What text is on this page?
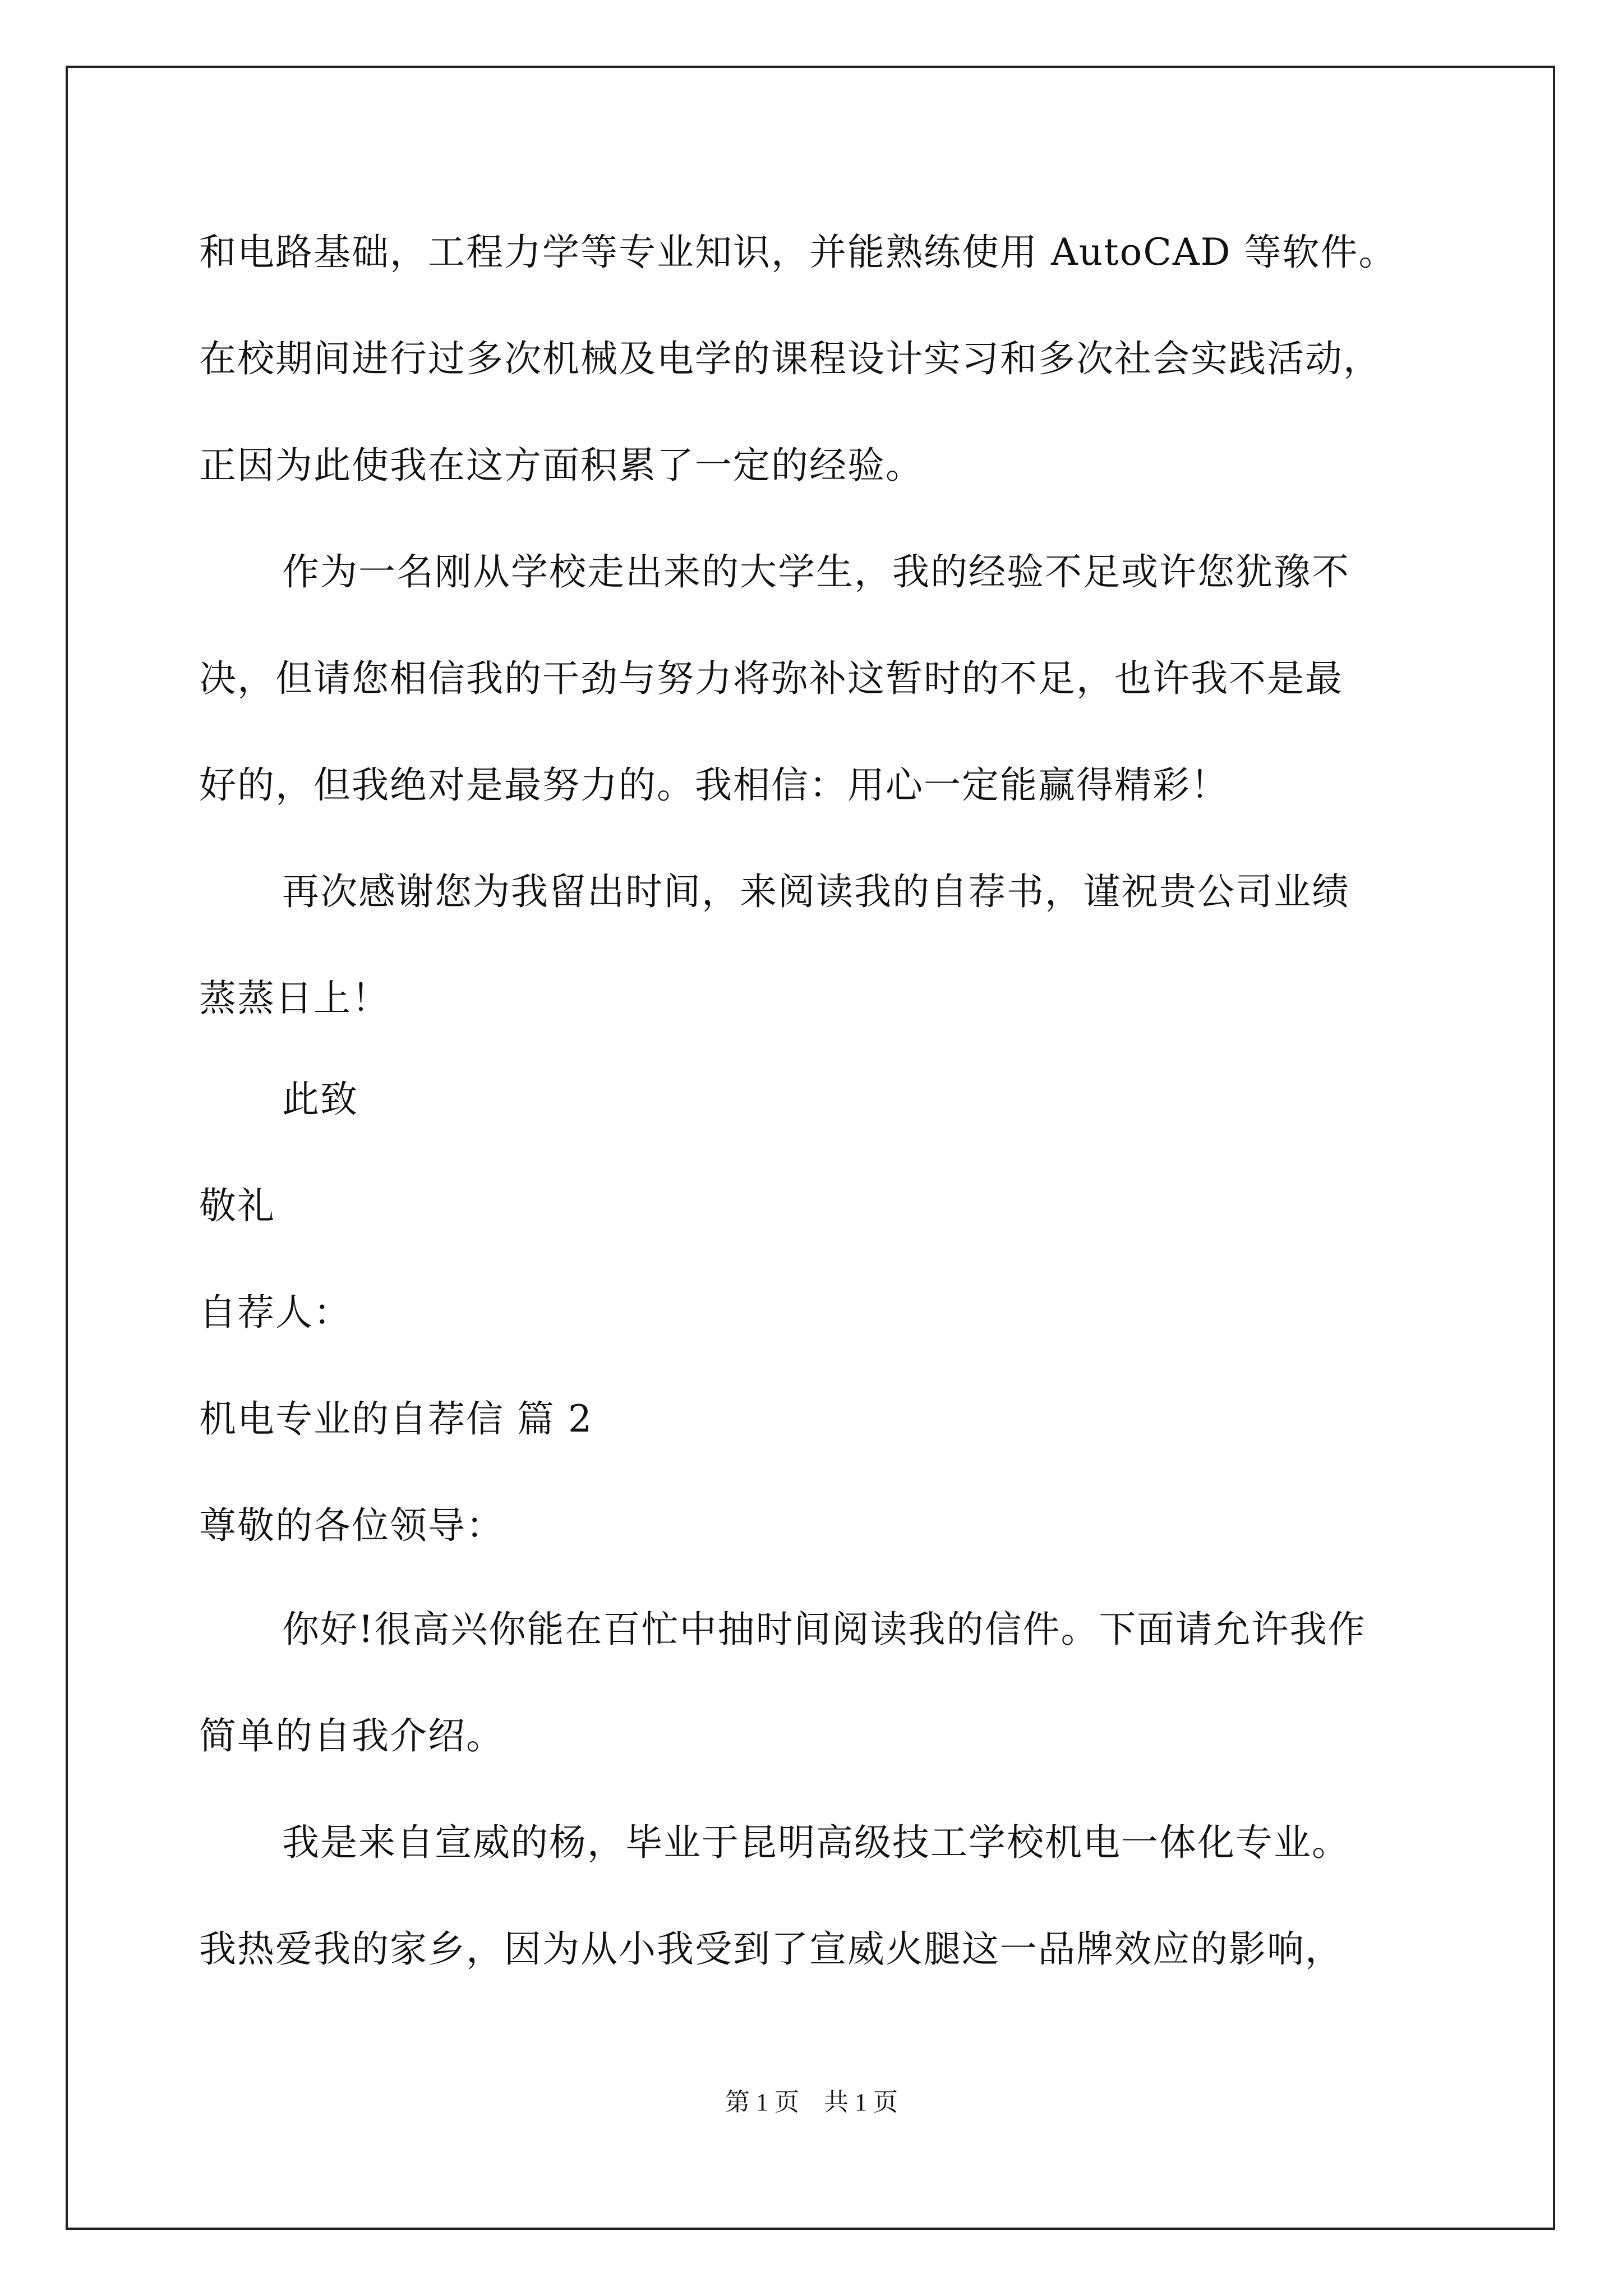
和电路基础，工程力学等专业知识，并能熟练使用 AutoCAD 等软件。
在校期间进行过多次机械及电学的课程设计实习和多次社会实践活动，
正因为此使我在这方面积累了一定的经验。
作为一名刚从学校走出来的大学生，我的经验不足或许您犹豫不
决，但请您相信我的干劲与努力将弥补这暂时的不足，也许我不是最
好的，但我绝对是最努力的。我相信：用心一定能赢得精彩！
再次感谢您为我留出时间，来阅读我的自荐书，谨祝贵公司业绩
蒸蒸日上！
此致
敬礼
自荐人：
机电专业的自荐信 篇 2
尊敬的各位领导：
你好!很高兴你能在百忙中抽时间阅读我的信件。下面请允许我作
简单的自我介绍。
我是来自宣威的杨，毕业于昆明高级技工学校机电一体化专业。
我热爱我的家乡，因为从小我受到了宣威火腿这一品牌效应的影响，
第 1 页　共 1 页
